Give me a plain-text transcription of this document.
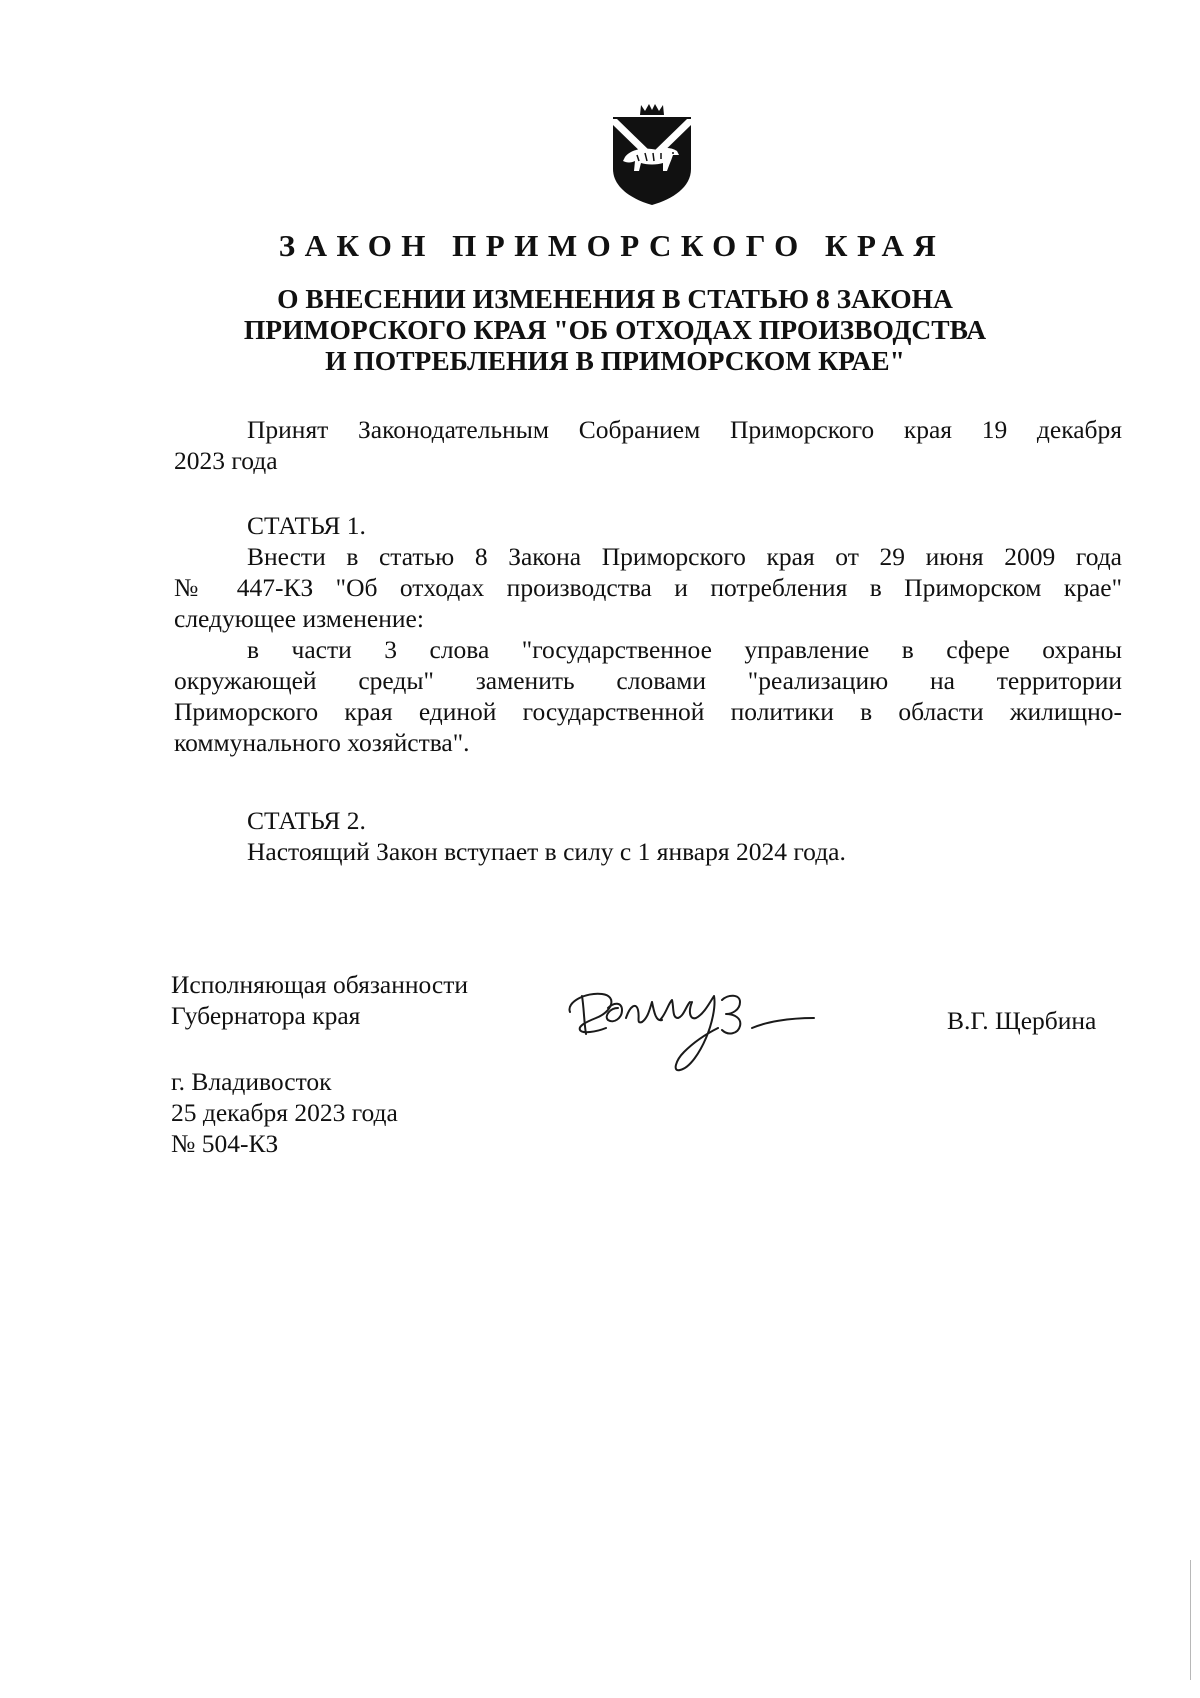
ЗАКОН ПРИМОРСКОГО КРАЯ
О ВНЕСЕНИИ ИЗМЕНЕНИЯ В СТАТЬЮ 8 ЗАКОНА
ПРИМОРСКОГО КРАЯ "ОБ ОТХОДАХ ПРОИЗВОДСТВА
И ПОТРЕБЛЕНИЯ В ПРИМОРСКОМ КРАЕ"
Принят Законодательным Собранием Приморского края 19 декабря
2023 года
СТАТЬЯ 1.
Внести в статью 8 Закона Приморского края от 29 июня 2009 года
№ 447-КЗ "Об отходах производства и потребления в Приморском крае"
следующее изменение:
в части 3 слова "государственное управление в сфере охраны
окружающей среды" заменить словами "реализацию на территории
Приморского края единой государственной политики в области жилищно-
коммунального хозяйства".
СТАТЬЯ 2.
Настоящий Закон вступает в силу с 1 января 2024 года.
Исполняющая обязанности
Губернатора края	В.Г. Щербина
г. Владивосток
25 декабря 2023 года
№ 504-КЗ
